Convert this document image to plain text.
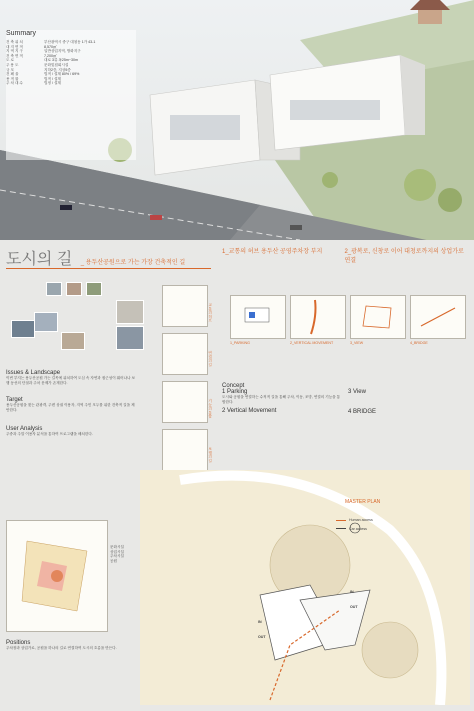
Summary
건 축 위 치	부산광역시 중구 대청동 1가 43-1
대 지 면 적	8,570㎡
지 역 지 구	일반상업지역, 방화지구
건 축 면 적	7,200㎡
도 로	대로 3류 폭25m~30m
주 용 도	문화및집회시설
규 모	지하2층, 지상5층
건 폐 율	법적 / 설계 80% / 69%
용 적 률	법적 / 설계
주 차 대 수	법정 / 설계
도시의 길 _ 용두산공원으로 가는 가장 건축적인 길
Issues & Landscape
이번 부지는 용두산공원 가는 길목에 위치하여 도심 속 자연과 접근성이 뛰어나나 보행 동선의 단절과 주차 문제가 존재한다.
Target
용두산공원을 찾는 관광객, 주변 상권 이용자, 지역 주민 모두를 위한 건축적 길을 제안한다.
User Analysis
주중과 주말 이용자 분석을 통하여 프로그램을 배치한다.
문화시설
상업시설
주차시설
공원
Positions
주차장과 상업가로, 공원을 하나의 길로 연결하여 도시의 흐름을 만든다.
교통의 허브
연결의 길
기능의 통합
보행의 길
1_교통의 허브 용두산 공영주차장 부지	2_광복로, 신창로 이어 대청로까지의 상업가로 연결
1_PARKING	2_VERTICAL MOVEMENT	3_VIEW	4_BRIDGE
Concept
1 Parking
도시와 공원을 연결하는 수직적 길을 통해 주차, 이동, 조망, 연결의 기능을 통합한다.
2 Vertical Movement
3 View
4 BRIDGE
MASTER PLAN
Human access
Car access
IN
OUT
IN
OUT
